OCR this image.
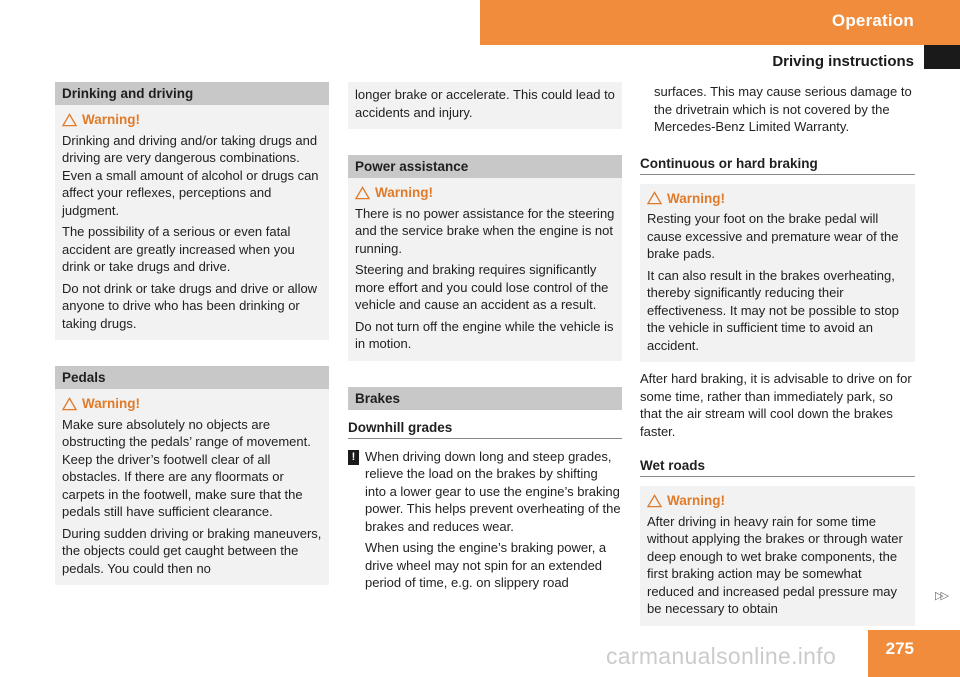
Operation
Driving instructions
Drinking and driving
Warning!

Drinking and driving and/or taking drugs and driving are very dangerous combinations. Even a small amount of alcohol or drugs can affect your reflexes, perceptions and judgment.

The possibility of a serious or even fatal accident are greatly increased when you drink or take drugs and drive.

Do not drink or take drugs and drive or allow anyone to drive who has been drinking or taking drugs.

Pedals
Warning!

Make sure absolutely no objects are obstructing the pedals’ range of movement. Keep the driver’s footwell clear of all obstacles. If there are any floormats or carpets in the footwell, make sure that the pedals still have sufficient clearance.

During sudden driving or braking maneuvers, the objects could get caught between the pedals. You could then no

longer brake or accelerate. This could lead to accidents and injury.

Power assistance
Warning!

There is no power assistance for the steering and the service brake when the engine is not running.

Steering and braking requires significantly more effort and you could lose control of the vehicle and cause an accident as a result.

Do not turn off the engine while the vehicle is in motion.

Brakes
Downhill grades
! When driving down long and steep grades, relieve the load on the brakes by shifting into a lower gear to use the engine’s braking power. This helps prevent overheating of the brakes and reduces wear.

When using the engine’s braking power, a drive wheel may not spin for an extended period of time, e.g. on slippery road

surfaces. This may cause serious damage to the drivetrain which is not covered by the Mercedes-Benz Limited Warranty.
Continuous or hard braking
Warning!

Resting your foot on the brake pedal will cause excessive and premature wear of the brake pads.

It can also result in the brakes overheating, thereby significantly reducing their effectiveness. It may not be possible to stop the vehicle in sufficient time to avoid an accident.

After hard braking, it is advisable to drive on for some time, rather than immediately park, so that the air stream will cool down the brakes faster.

Wet roads
Warning!

After driving in heavy rain for some time without applying the brakes or through water deep enough to wet brake components, the first braking action may be somewhat reduced and increased pedal pressure may be necessary to obtain

▷▷
275
carmanualsonline.info
